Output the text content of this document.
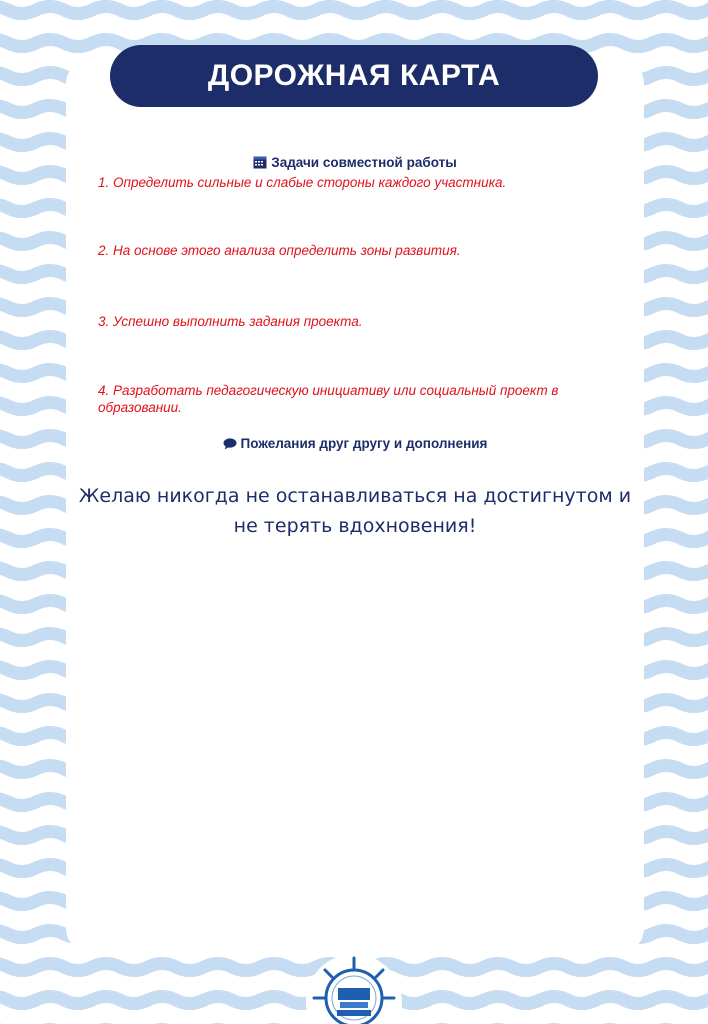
ДОРОЖНАЯ КАРТА
Задачи совместной работы
1. Определить сильные и слабые стороны каждого участника.
2. На основе этого анализа определить зоны развития.
3. Успешно выполнить задания проекта.
4. Разработать педагогическую инициативу или социальный проект в образовании.
Пожелания друг другу и дополнения
Желаю никогда не останавливаться на достигнутом и
не терять вдохновения!
